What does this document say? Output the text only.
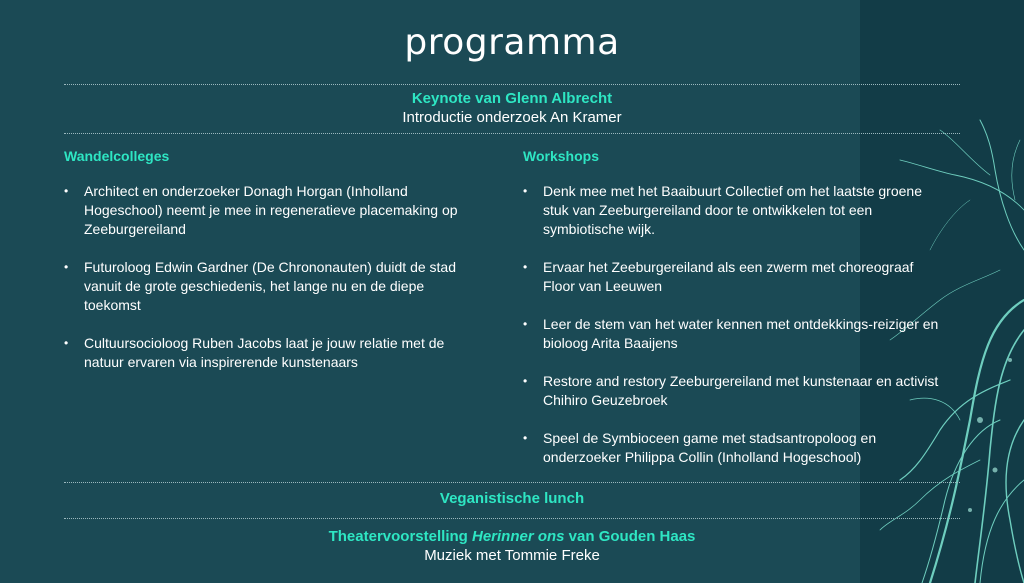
programma
Keynote van Glenn Albrecht
Introductie onderzoek An Kramer
Wandelcolleges
• Architect en onderzoeker Donagh Horgan (Inholland Hogeschool) neemt je mee in regeneratieve placemaking op Zeeburgereiland
• Futuroloog Edwin Gardner (De Chrononauten) duidt de stad vanuit de grote geschiedenis, het lange nu en de diepe toekomst
• Cultuursocioloog Ruben Jacobs laat je jouw relatie met de natuur ervaren via inspirerende kunstenaars
Workshops
• Denk mee met het Baaibuurt Collectief om het laatste groene stuk van Zeeburgereiland door te ontwikkelen tot een symbiotische wijk.
• Ervaar het Zeeburgereiland als een zwerm met choreograaf Floor van Leeuwen
• Leer de stem van het water kennen met ontdekkings-reiziger en bioloog Arita Baaijens
• Restore and restory Zeeburgereiland met kunstenaar en activist Chihiro Geuzebroek
• Speel de Symbioceen game met stadsantropoloog en onderzoeker Philippa Collin (Inholland Hogeschool)
Veganistische lunch
Theatervoorstelling Herinner ons van Gouden Haas
Muziek met Tommie Freke
